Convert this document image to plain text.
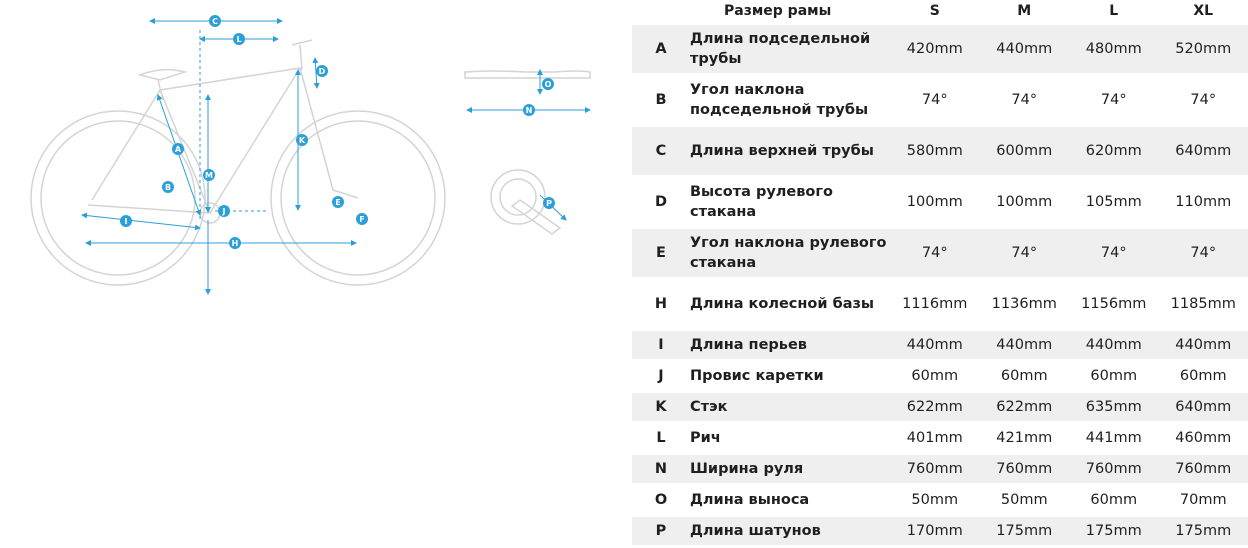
C
L
D
O
N
A
M
K
B
J
E
F
I
H
P
Размер рамы		S	M	L	XL
A	Длина подседельной трубы	420mm	440mm	480mm	520mm
B	Угол наклона подседельной трубы	74°	74°	74°	74°
C	Длина верхней трубы	580mm	600mm	620mm	640mm
D	Высота рулевого стакана	100mm	100mm	105mm	110mm
E	Угол наклона рулевого стакана	74°	74°	74°	74°
H	Длина колесной базы	1116mm	1136mm	1156mm	1185mm
I	Длина перьев	440mm	440mm	440mm	440mm
J	Провис каретки	60mm	60mm	60mm	60mm
K	Стэк	622mm	622mm	635mm	640mm
L	Рич	401mm	421mm	441mm	460mm
N	Ширина руля	760mm	760mm	760mm	760mm
O	Длина выноса	50mm	50mm	60mm	70mm
P	Длина шатунов	170mm	175mm	175mm	175mm
